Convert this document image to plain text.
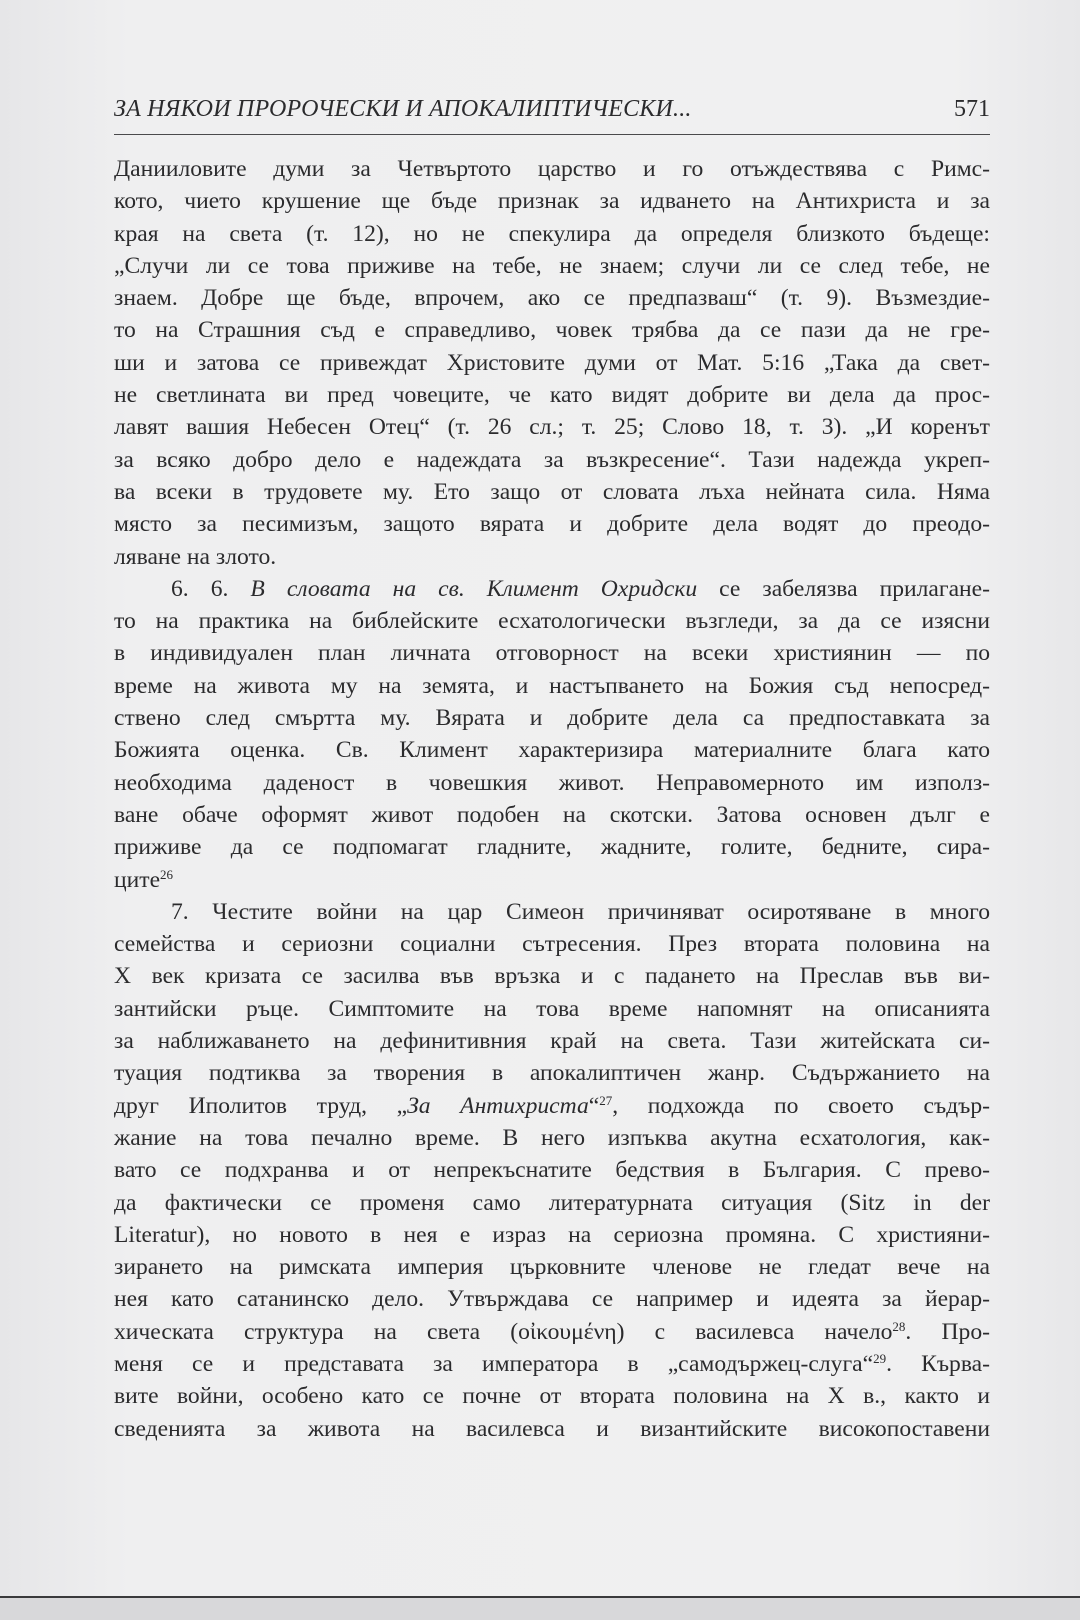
ЗА НЯКОИ ПРОРОЧЕСКИ И АПОКАЛИПТИЧЕСКИ...	571
Данииловите думи за Четвъртото царство и го отъждествява с Римс-
кото, чието крушение ще бъде признак за идването на Антихриста и за
края на света (т. 12), но не спекулира да определя близкото бъдеще:
„Случи ли се това приживе на тебе, не знаем; случи ли се след тебе, не
знаем. Добре ще бъде, впрочем, ако се предпазваш“ (т. 9). Възмездие-
то на Страшния съд е справедливо, човек трябва да се пази да не гре-
ши и затова се привеждат Христовите думи от Мат. 5:16 „Така да свет-
не светлината ви пред човеците, че като видят добрите ви дела да прос-
лавят вашия Небесен Отец“ (т. 26 сл.; т. 25; Слово 18, т. 3). „И коренът
за всяко добро дело е надеждата за възкресение“. Тази надежда укреп-
ва всеки в трудовете му. Ето защо от словата лъха нейната сила. Няма
място за песимизъм, защото вярата и добрите дела водят до преодо-
ляване на злото.
6. 6. В словата на св. Климент Охридски се забелязва прилагане-
то на практика на библейските есхатологически възгледи, за да се изясни
в индивидуален план личната отговорност на всеки християнин — по
време на живота му на земята, и настъпването на Божия съд непосред-
ствено след смъртта му. Вярата и добрите дела са предпоставката за
Божията оценка. Св. Климент характеризира материалните блага като
необходима даденост в човешкия живот. Неправомерното им използ-
ване обаче оформят живот подобен на скотски. Затова основен дълг е
приживе да се подпомагат гладните, жадните, голите, бедните, сира-
ците$^{26}$
7. Честите войни на цар Симеон причиняват осиротяване в много
семейства и сериозни социални сътресения. През втората половина на
X век кризата се засилва във връзка и с падането на Преслав във ви-
зантийски ръце. Симптомите на това време напомнят на описанията
за наближаването на дефинитивния край на света. Тази житейската си-
туация подтиква за творения в апокалиптичен жанр. Съдържанието на
друг Иполитов труд, „За Антихриста“$^{27}$, подхожда по своето съдър-
жание на това печално време. В него изпъква акутна есхатология, как-
вато се подхранва и от непрекъснатите бедствия в България. С прево-
да фактически се променя само литературната ситуация (Sitz in der
Literatur), но новото в нея е израз на сериозна промяна. С християни-
зирането на римската империя църковните членове не гледат вече на
нея като сатанинско дело. Утвърждава се например и идеята за йерар-
хическата структура на света (οἰκουμένη) с василевса начело$^{28}$. Про-
меня се и представата за императора в „самодържец-слуга“$^{29}$. Кърва-
вите войни, особено като се почне от втората половина на X в., както и
сведенията за живота на василевса и византийските високопоставени
